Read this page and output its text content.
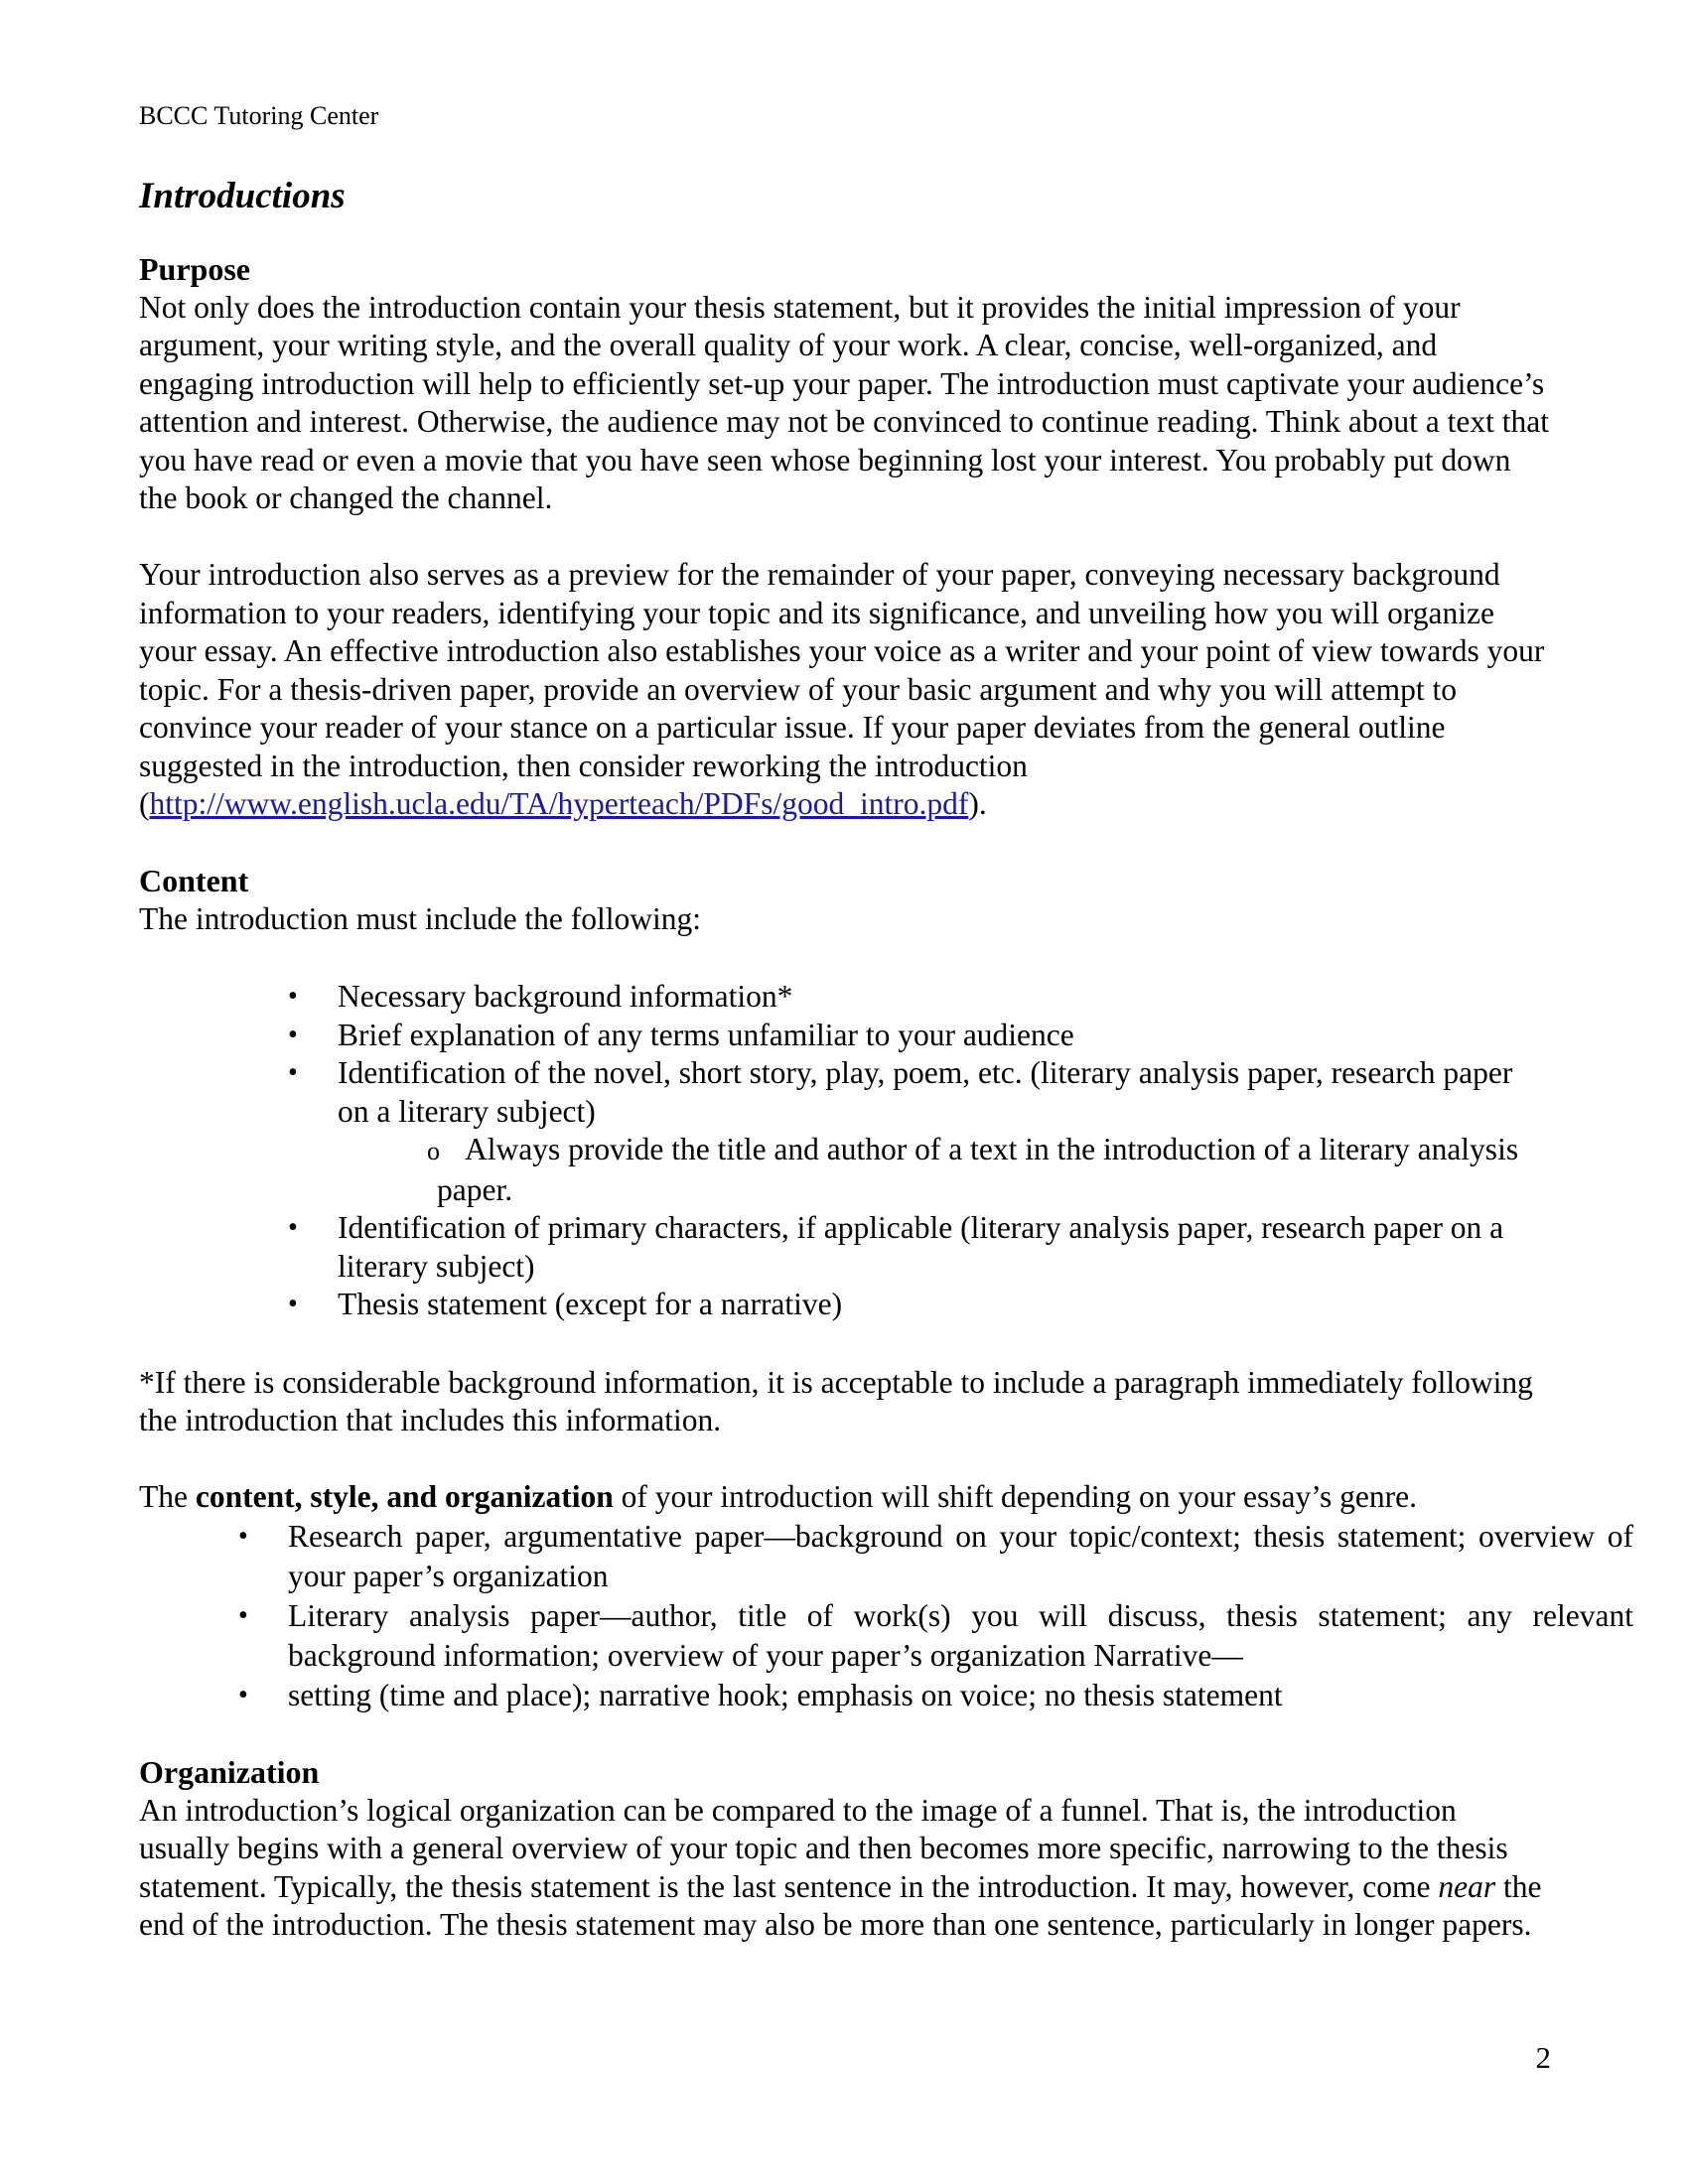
BCCC Tutoring Center
Introductions
Purpose

Not only does the introduction contain your thesis statement, but it provides the initial impression of your argument, your writing style, and the overall quality of your work. A clear, concise, well-organized, and engaging introduction will help to efficiently set-up your paper. The introduction must captivate your audience’s attention and interest. Otherwise, the audience may not be convinced to continue reading. Think about a text that you have read or even a movie that you have seen whose beginning lost your interest. You probably put down the book or changed the channel.

Your introduction also serves as a preview for the remainder of your paper, conveying necessary background information to your readers, identifying your topic and its significance, and unveiling how you will organize your essay. An effective introduction also establishes your voice as a writer and your point of view towards your topic. For a thesis-driven paper, provide an overview of your basic argument and why you will attempt to convince your reader of your stance on a particular issue. If your paper deviates from the general outline suggested in the introduction, then consider reworking the introduction (http://www.english.ucla.edu/TA/hyperteach/PDFs/good_intro.pdf).

Content

The introduction must include the following:

• Necessary background information*
• Brief explanation of any terms unfamiliar to your audience
• Identification of the novel, short story, play, poem, etc. (literary analysis paper, research paper on a literary subject)
o Always provide the title and author of a text in the introduction of a literary analysis paper.
• Identification of primary characters, if applicable (literary analysis paper, research paper on a literary subject)
• Thesis statement (except for a narrative)

*If there is considerable background information, it is acceptable to include a paragraph immediately following the introduction that includes this information.

The content, style, and organization of your introduction will shift depending on your essay’s genre.

• Research paper, argumentative paper—background on your topic/context; thesis statement; overview of your paper’s organization
• Literary analysis paper—author, title of work(s) you will discuss, thesis statement; any relevant background information; overview of your paper’s organization Narrative—
• setting (time and place); narrative hook; emphasis on voice; no thesis statement
Organization

An introduction’s logical organization can be compared to the image of a funnel. That is, the introduction usually begins with a general overview of your topic and then becomes more specific, narrowing to the thesis statement. Typically, the thesis statement is the last sentence in the introduction. It may, however, come near the end of the introduction. The thesis statement may also be more than one sentence, particularly in longer papers.

2
